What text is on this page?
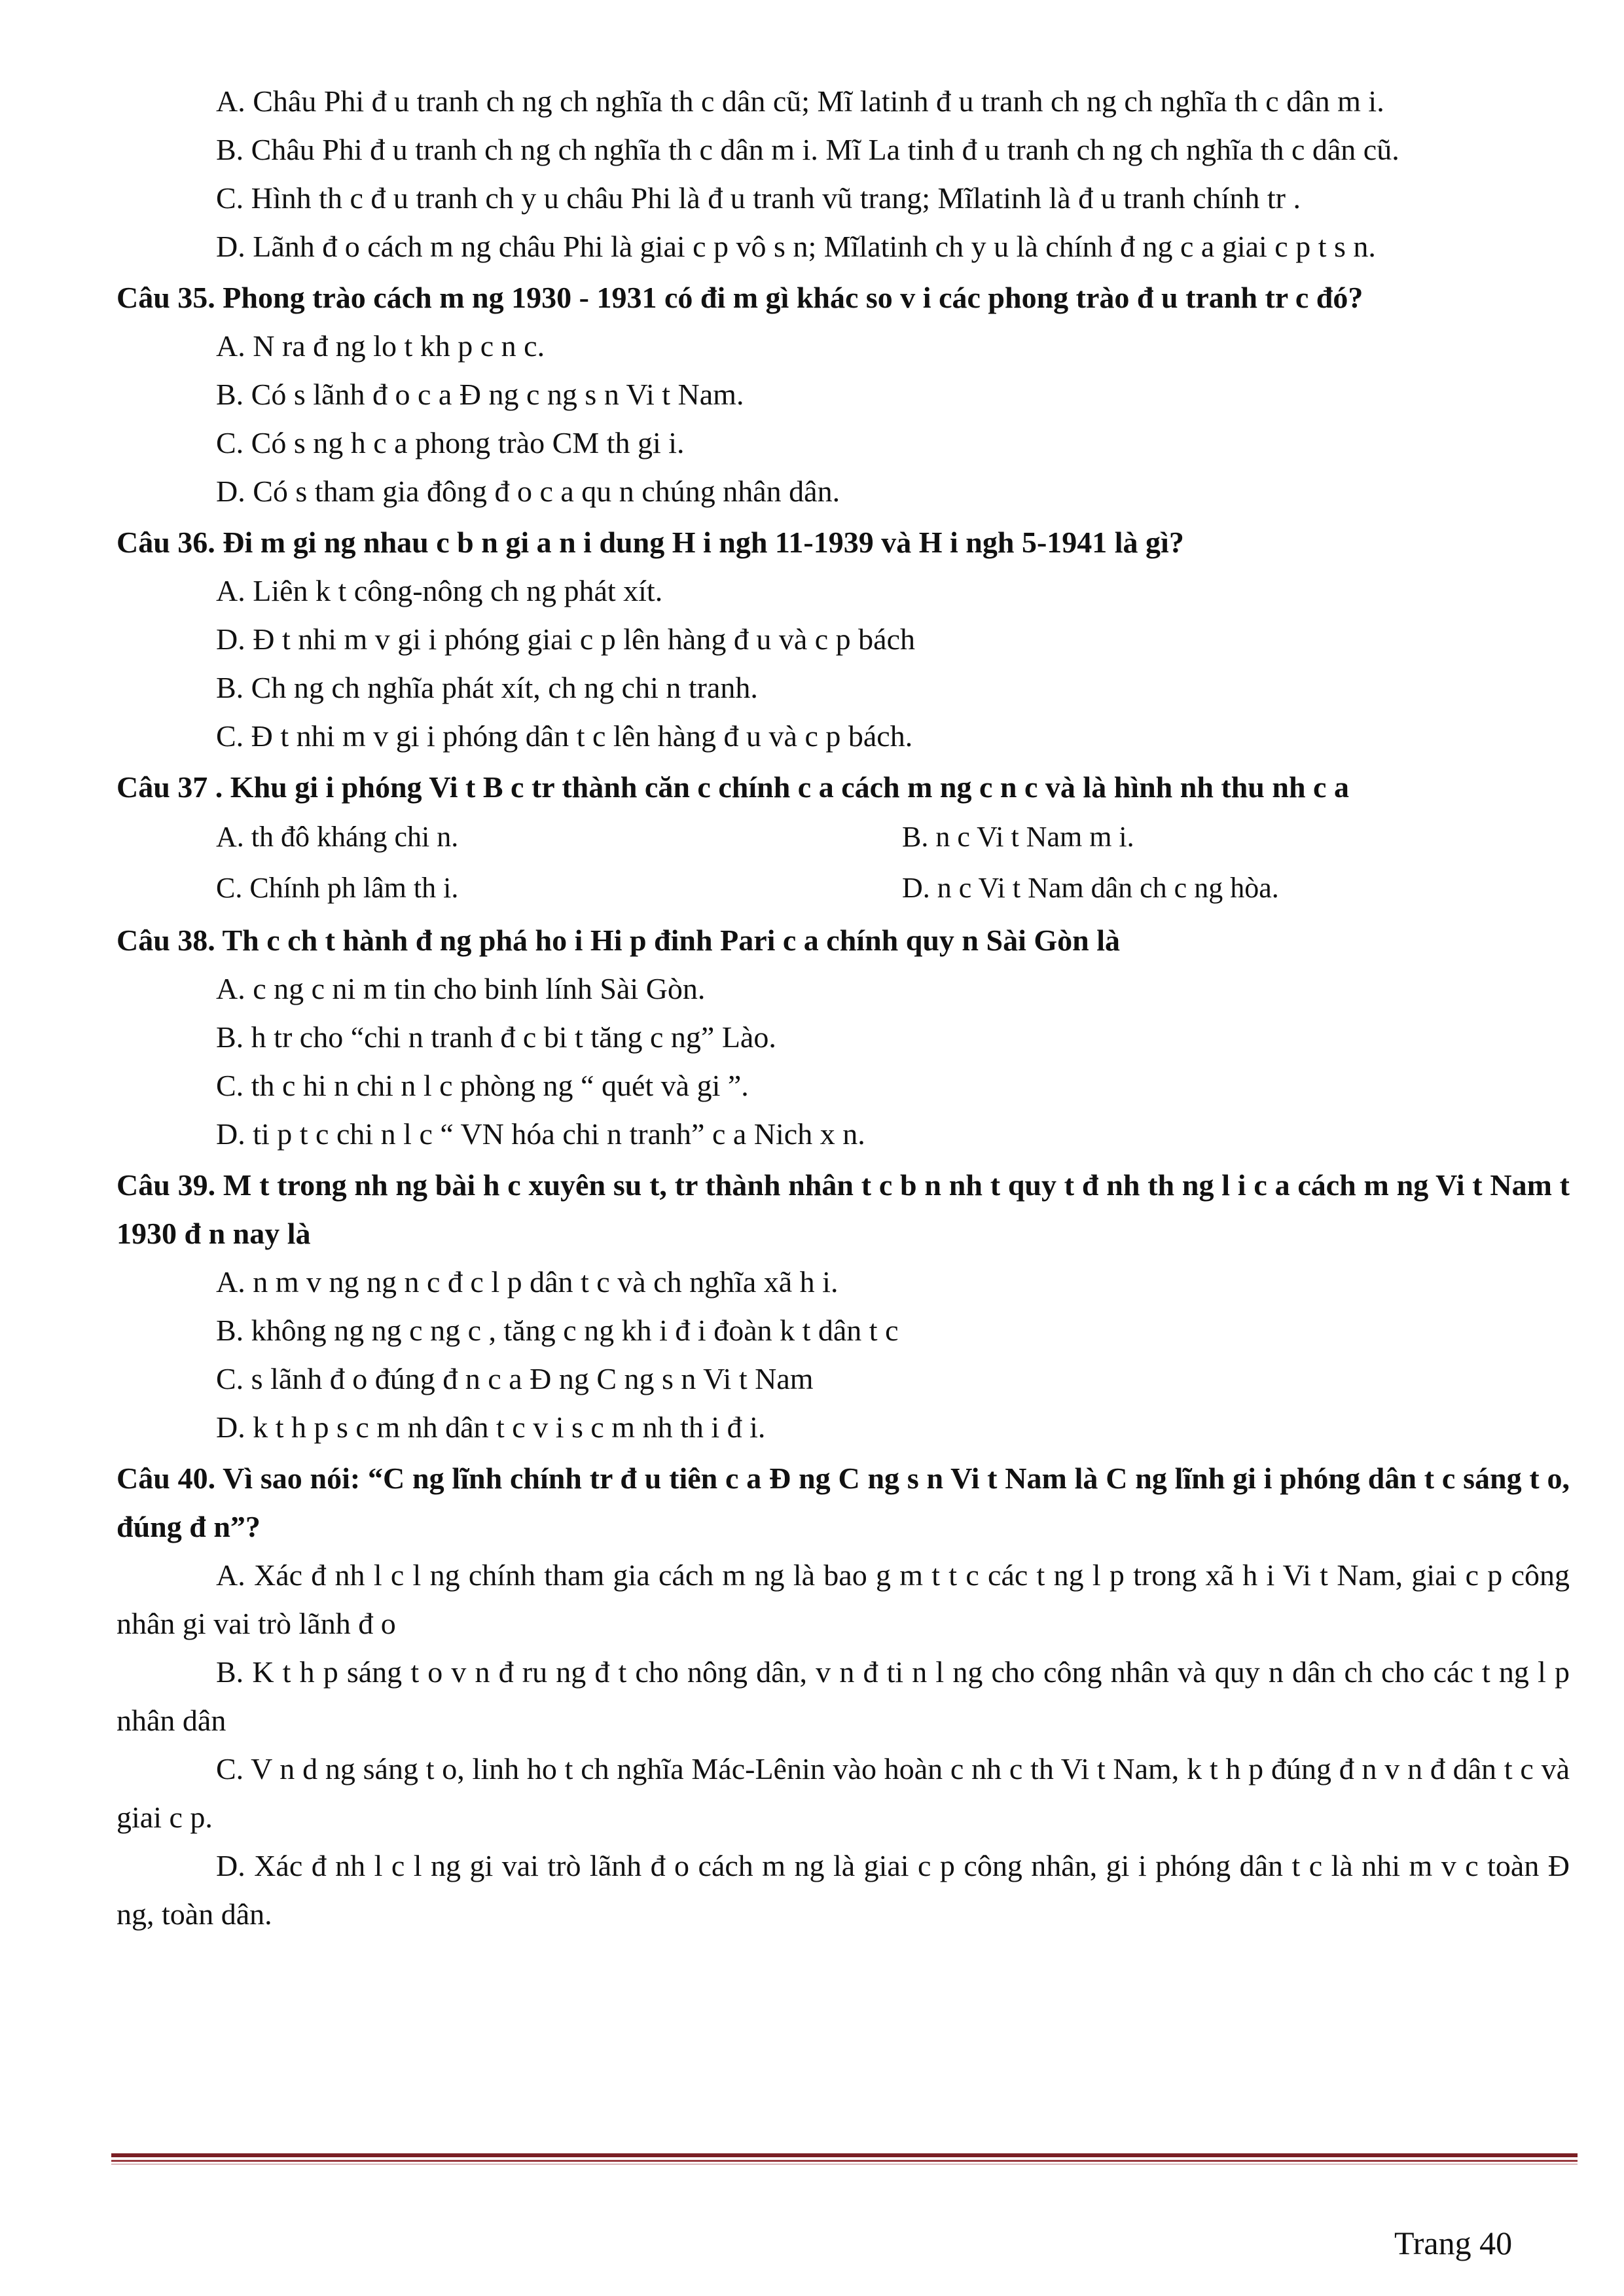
A. Châu Phi đ u tranh ch ng ch nghĩa th c dân cũ; Mĩ latinh đ u tranh ch ng ch nghĩa th c dân m i.
B. Châu Phi đ u tranh ch ng ch nghĩa th c dân m i. Mĩ La tinh đ u tranh ch ng ch nghĩa th c dân cũ.
C. Hình th c đ u tranh ch y u châu Phi là đ u tranh vũ trang; Mĩlatinh là đ u tranh chính tr .
D. Lãnh đ o cách m ng châu Phi là giai c p vô s n; Mĩlatinh ch y u là chính đ ng c a giai c p t s n.
Câu 35. Phong trào cách m ng 1930 - 1931 có đi m gì khác so v i các phong trào đ u tranh tr c đó?
A. N ra đ ng lo t kh p c n c.
B. Có s lãnh đ o c a Đ ng c ng s n Vi t Nam.
C. Có s ng h c a phong trào CM th gi i.
D. Có s tham gia đông đ o c a qu n chúng nhân dân.
Câu 36. Đi m gi ng nhau c b n gi a n i dung H i ngh 11-1939 và H i ngh 5-1941 là gì?
A. Liên k t công-nông ch ng phát xít.
D. Đ t nhi m v gi i phóng giai c p lên hàng đ u và c p bách
B. Ch ng ch nghĩa phát xít, ch ng chi n tranh.
C. Đ t nhi m v gi i phóng dân t c lên hàng đ u và c p bách.
Câu 37 . Khu gi i phóng Vi t B c tr thành căn c chính c a cách m ng c n c và là hình nh thu nh c a
A. th đô kháng chi n.	B. n c Vi t Nam m i.
C. Chính ph lâm th i.	D. n c Vi t Nam dân ch c ng hòa.
Câu 38. Th c ch t hành đ ng phá ho i Hi p đinh Pari c a chính quy n Sài Gòn là
A. c ng c ni m tin cho binh lính Sài Gòn.
B. h tr cho “chi n tranh đ c bi t tăng c ng” Lào.
C. th c hi n chi n l c phòng ng “ quét và gi ”.
D. ti p t c chi n l c “ VN hóa chi n tranh” c a Nich x n.
Câu 39. M t trong nh ng bài h c xuyên su t, tr thành nhân t c b n nh t quy t đ nh th ng l i c a cách m ng Vi t Nam t 1930 đ n nay là
A. n m v ng ng n c đ c l p dân t c và ch nghĩa xã h i.
B. không ng ng c ng c , tăng c ng kh i đ i đoàn k t dân t c
C. s lãnh đ o đúng đ n c a Đ ng C ng s n Vi t Nam
D. k t h p s c m nh dân t c v i s c m nh th i đ i.
Câu 40. Vì sao nói: “C ng lĩnh chính tr đ u tiên c a Đ ng C ng s n Vi t Nam là C ng lĩnh gi i phóng dân t c sáng t o, đúng đ n”?
A. Xác đ nh l c l ng chính tham gia cách m ng là bao g m t t c các t ng l p trong xã h i Vi t Nam, giai c p công nhân gi vai trò lãnh đ o
B. K t h p sáng t o v n đ ru ng đ t cho nông dân, v n đ ti n l ng cho công nhân và quy n dân ch cho các t ng l p nhân dân
C. V n d ng sáng t o, linh ho t ch nghĩa Mác-Lênin vào hoàn c nh c th Vi t Nam, k t h p đúng đ n v n đ dân t c và giai c p.
D. Xác đ nh l c l ng gi vai trò lãnh đ o cách m ng là giai c p công nhân, gi i phóng dân t c là nhi m v c toàn Đ ng, toàn dân.
Trang 40
